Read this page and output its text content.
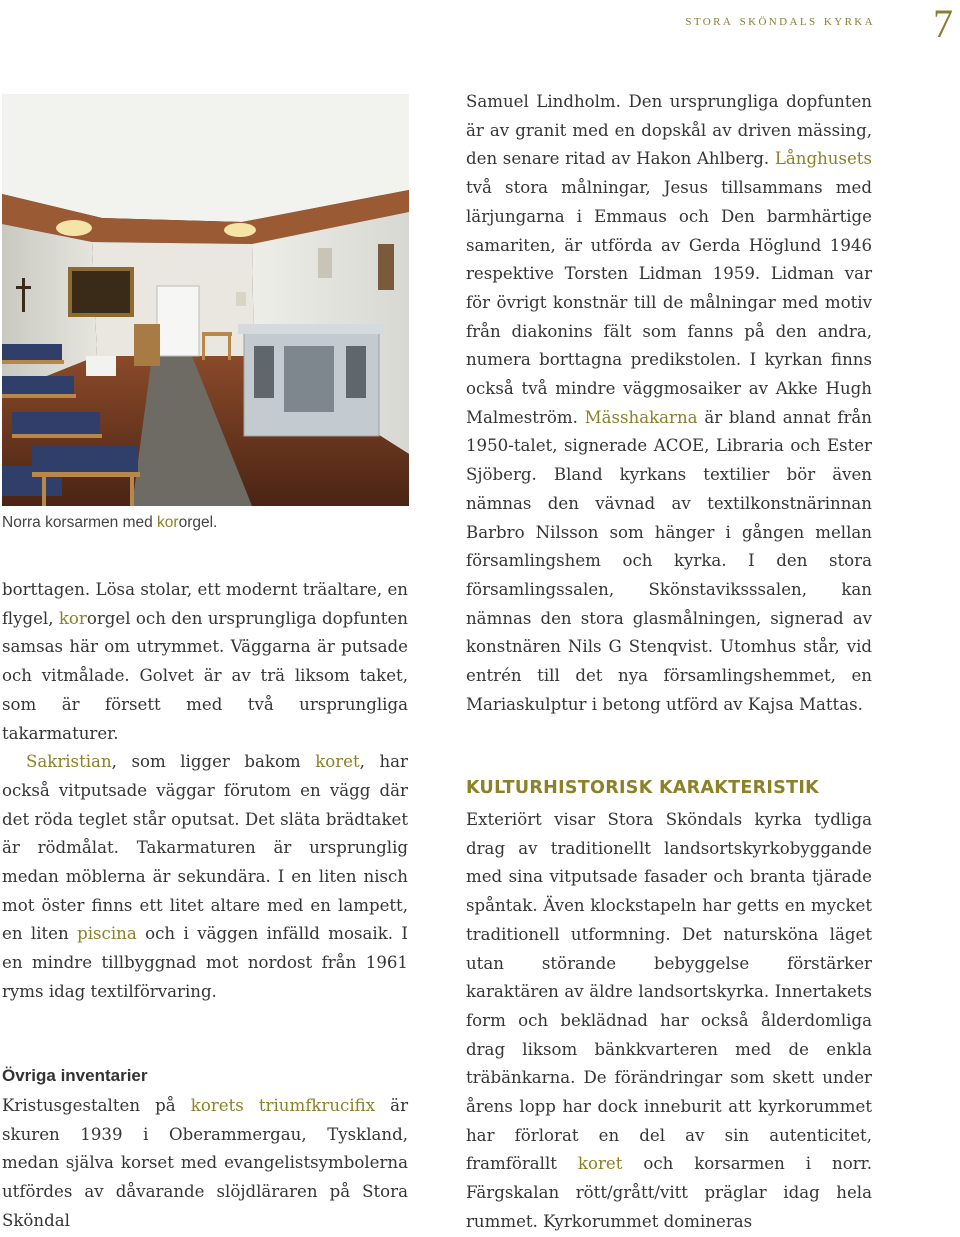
stora sköndals kyrka 7
Norra korsarmen med kororgel.

borttagen. Lösa stolar, ett modernt träaltare, en flygel, kororgel och den ursprungliga dopfunten samsas här om utrymmet. Väggarna är putsade och vitmålade. Golvet är av trä liksom taket, som är försett med två ursprungliga takarmaturer.

Sakristian, som ligger bakom koret, har också vitputsade väggar förutom en vägg där det röda teglet står oputsat. Det släta brädtaket är rödmålat. Takarmaturen är ursprunglig medan möblerna är sekundära. I en liten nisch mot öster finns ett litet altare med en lampett, en liten piscina och i väggen infälld mosaik. I en mindre tillbyggnad mot nordost från 1961 ryms idag textilförvaring.

Övriga inventarier

Kristusgestalten på korets triumfkrucifix är skuren 1939 i Oberammergau, Tyskland, medan själva korset med evangelistsymbolerna utfördes av dåvarande slöjdläraren på Stora Sköndal

Samuel Lindholm. Den ursprungliga dopfunten är av granit med en dopskål av driven mässing, den senare ritad av Hakon Ahlberg. Långhusets två stora målningar, Jesus tillsammans med lärjungarna i Emmaus och Den barmhärtige samariten, är utförda av Gerda Höglund 1946 respektive Torsten Lidman 1959. Lidman var för övrigt konstnär till de målningar med motiv från diakonins fält som fanns på den andra, numera borttagna predikstolen. I kyrkan finns också två mindre väggmosaiker av Akke Hugh Malmeström. Mässhakarna är bland annat från 1950-talet, signerade ACOE, Libraria och Ester Sjöberg. Bland kyrkans textilier bör även nämnas den vävnad av textilkonstnärinnan Barbro Nilsson som hänger i gången mellan församlingshem och kyrka. I den stora församlingssalen, Skönstaviksssalen, kan nämnas den stora glasmålningen, signerad av konstnären Nils G Stenqvist. Utomhus står, vid entrén till det nya församlingshemmet, en Mariaskulptur i betong utförd av Kajsa Mattas.

KULTURHISTORISK KARAKTERISTIK

Exteriört visar Stora Sköndals kyrka tydliga drag av traditionellt landsortskyrkobyggande med sina vitputsade fasader och branta tjärade spåntak. Även klockstapeln har getts en mycket traditionell utformning. Det natursköna läget utan störande bebyggelse förstärker karaktären av äldre landsortskyrka. Innertakets form och beklädnad har också ålderdomliga drag liksom bänkkvarteren med de enkla träbänkarna. De förändringar som skett under årens lopp har dock inneburit att kyrkorummet har förlorat en del av sin autenticitet, framförallt koret och korsarmen i norr. Färgskalan rött/grått/vitt präglar idag hela rummet. Kyrkorummet domineras
